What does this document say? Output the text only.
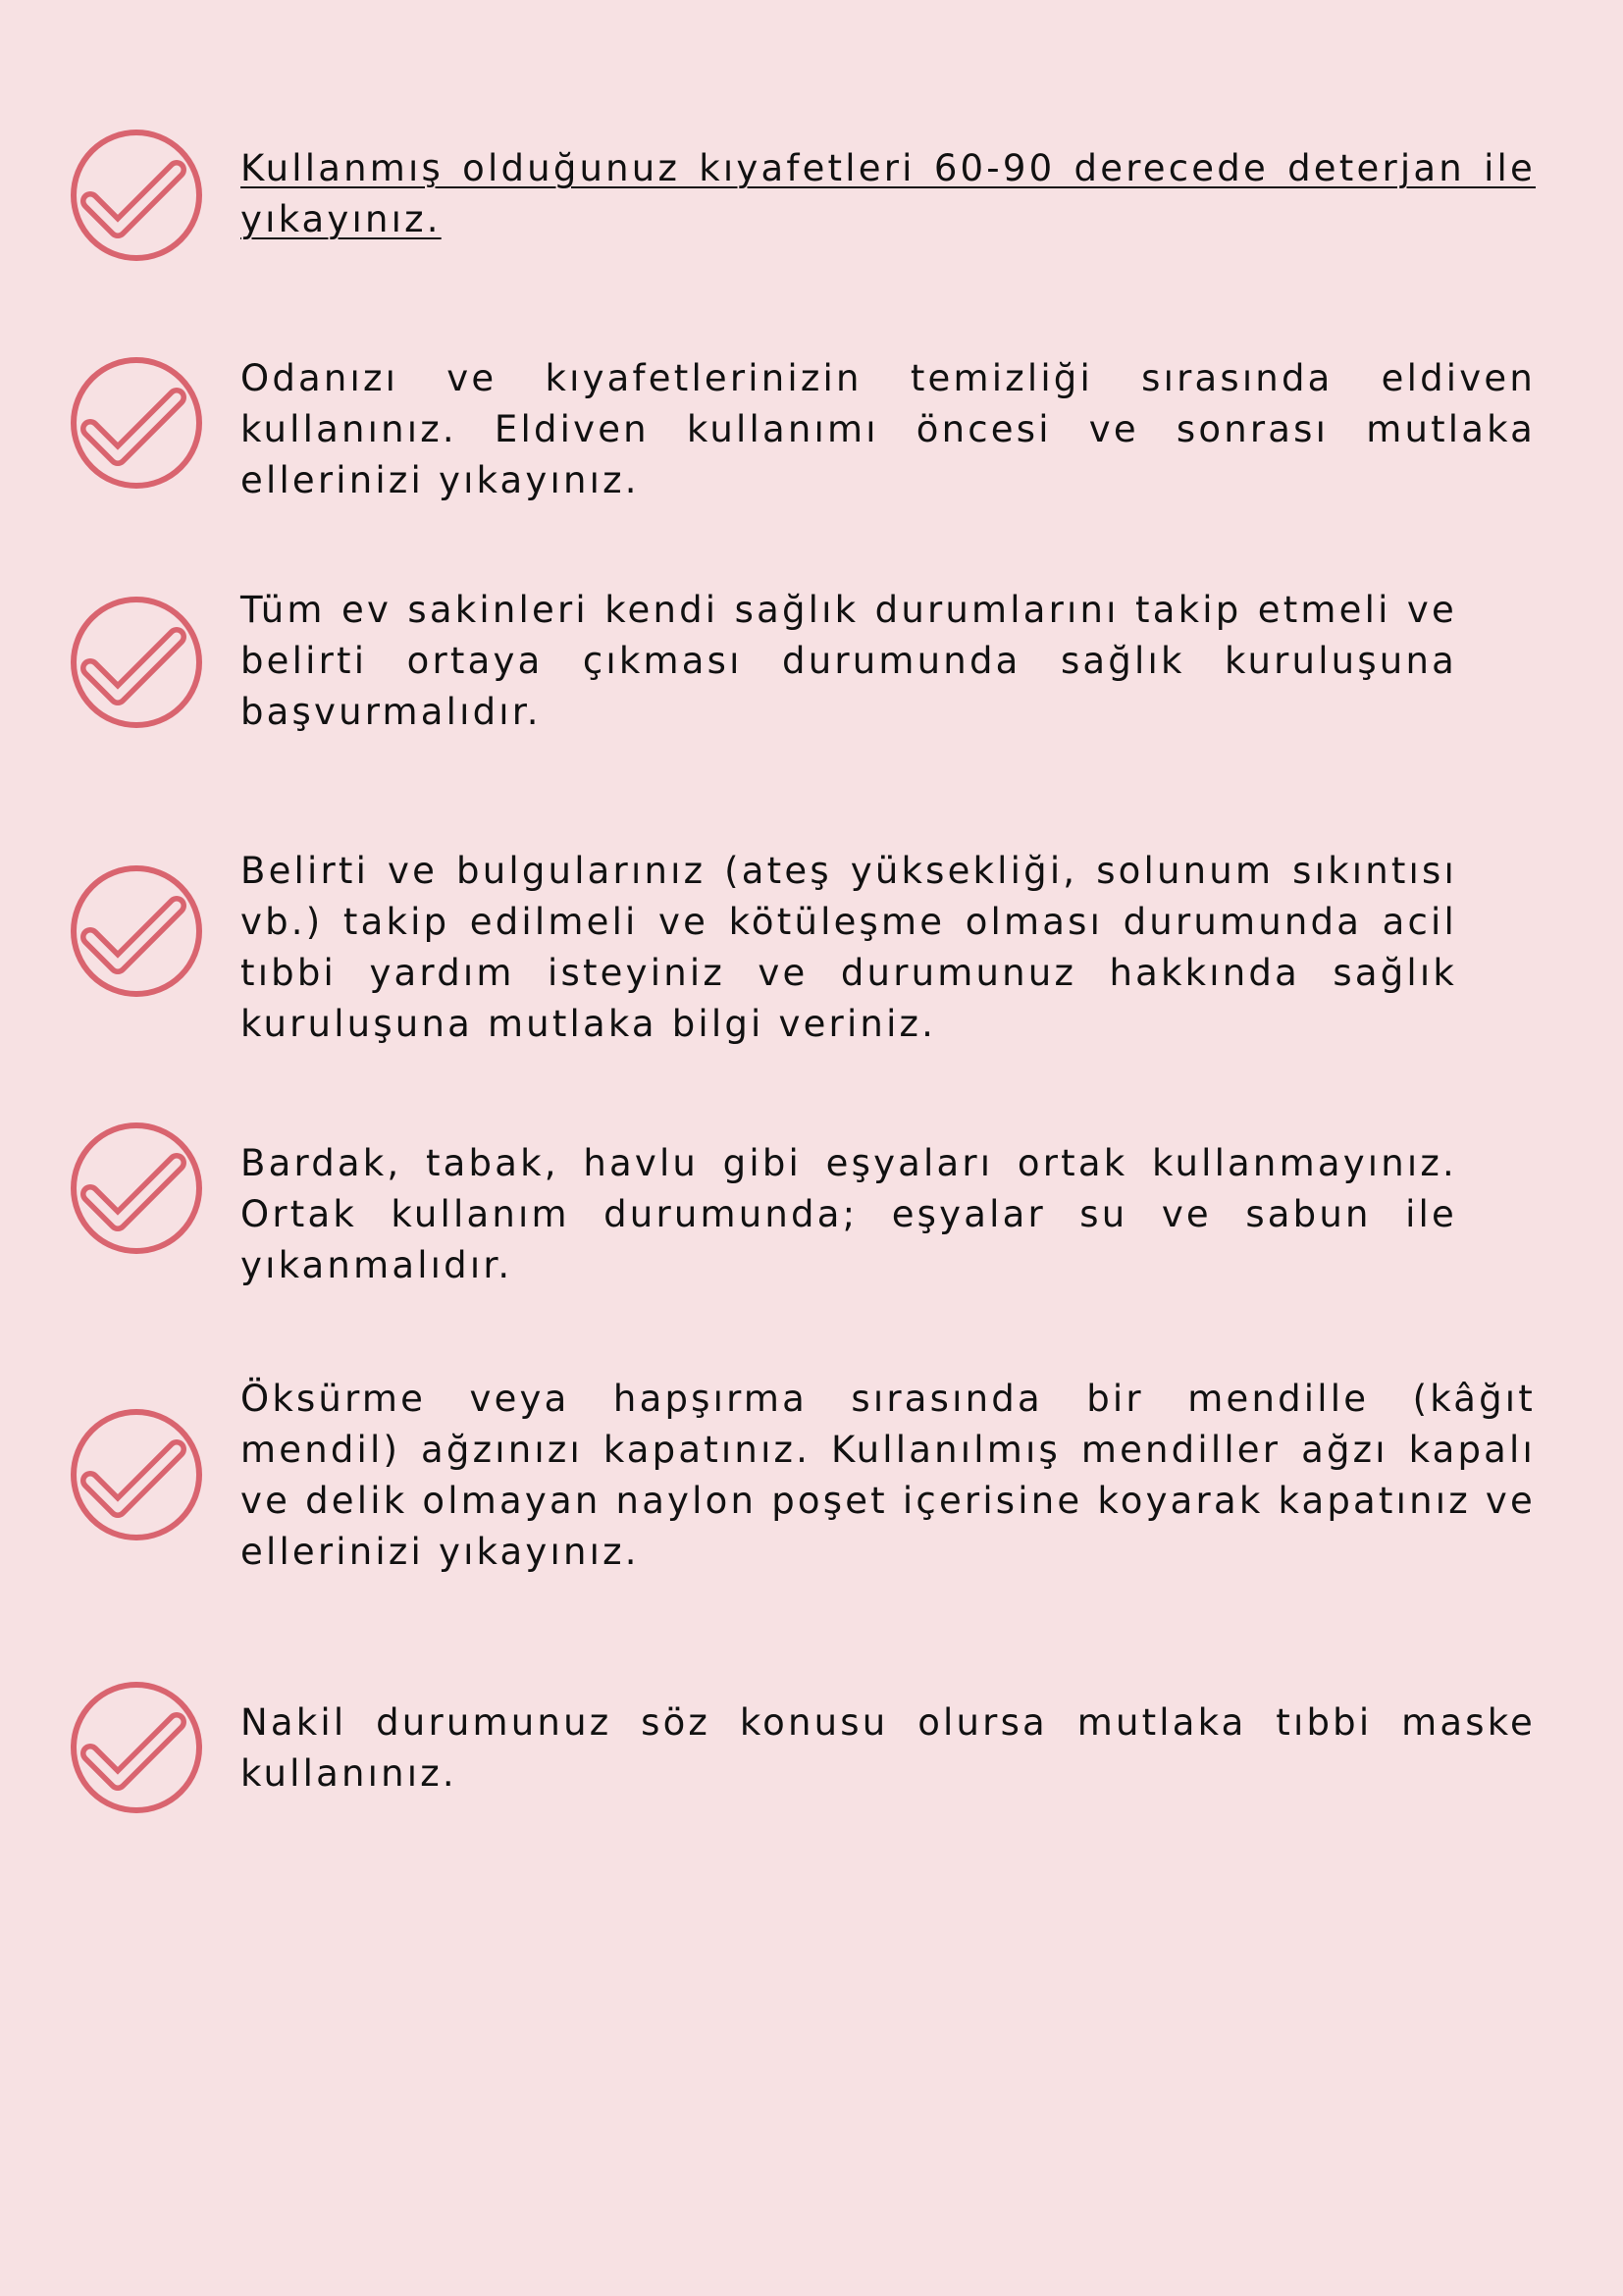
Kullanmış olduğunuz kıyafetleri 60-90 derecede deterjan ile yıkayınız.
Odanızı ve kıyafetlerinizin temizliği sırasında eldiven kullanınız. Eldiven kullanımı öncesi ve sonrası mutlaka ellerinizi yıkayınız.
Tüm ev sakinleri kendi sağlık durumlarını takip etmeli ve belirti ortaya çıkması durumunda sağlık kuruluşuna başvurmalıdır.
Belirti ve bulgularınız (ateş yüksekliği, solunum sıkıntısı vb.) takip edilmeli ve kötüleşme olması durumunda acil tıbbi yardım isteyiniz ve durumunuz hakkında sağlık kuruluşuna mutlaka bilgi veriniz.
Bardak, tabak, havlu gibi eşyaları ortak kullanmayınız. Ortak kullanım durumunda; eşyalar su ve sabun ile yıkanmalıdır.
Öksürme veya hapşırma sırasında bir mendille (kâğıt mendil) ağzınızı kapatınız. Kullanılmış mendiller ağzı kapalı ve delik olmayan naylon poşet içerisine koyarak kapatınız ve ellerinizi yıkayınız.
Nakil durumunuz söz konusu olursa mutlaka tıbbi maske kullanınız.
